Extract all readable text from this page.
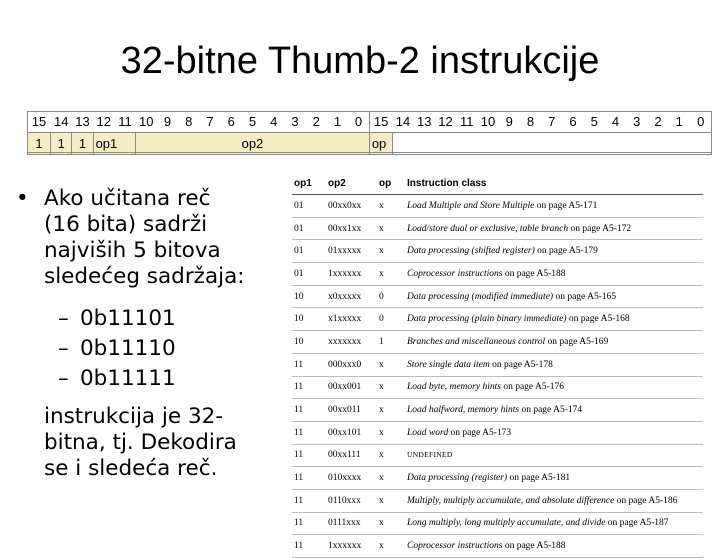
32-bitne Thumb-2 instrukcije
15	14	13	12	11	10	9	8	7	6	5	4	3	2	1	0	15	14	13	12	11	10	9	8	7	6	5	4	3	2	1	0
1	1	1	op1		op2											op															
• Ako učitana reč
(16 bita) sadrži
najviših 5 bitova
sledećeg sadržaja:
– 0b11101
– 0b11110
– 0b11111
instrukcija je 32-
bitna, tj. Dekodira
se i sledeća reč.
op1	op2	op	Instruction class
01	00xx0xx	x	Load Multiple and Store Multiple on page A5-171
01	00xx1xx	x	Load/store dual or exclusive, table branch on page A5-172
01	01xxxxx	x	Data processing (shifted register) on page A5-179
01	1xxxxxx	x	Coprocessor instructions on page A5-188
10	x0xxxxx	0	Data processing (modified immediate) on page A5-165
10	x1xxxxx	0	Data processing (plain binary immediate) on page A5-168
10	xxxxxxx	1	Branches and miscellaneous control on page A5-169
11	000xxx0	x	Store single data item on page A5-178
11	00xx001	x	Load byte, memory hints on page A5-176
11	00xx011	x	Load halfword, memory hints on page A5-174
11	00xx101	x	Load word on page A5-173
11	00xx111	x	UNDEFINED
11	010xxxx	x	Data processing (register) on page A5-181
11	0110xxx	x	Multiply, multiply accumulate, and absolute difference on page A5-186
11	0111xxx	x	Long multiply, long multiply accumulate, and divide on page A5-187
11	1xxxxxx	x	Coprocessor instructions on page A5-188
